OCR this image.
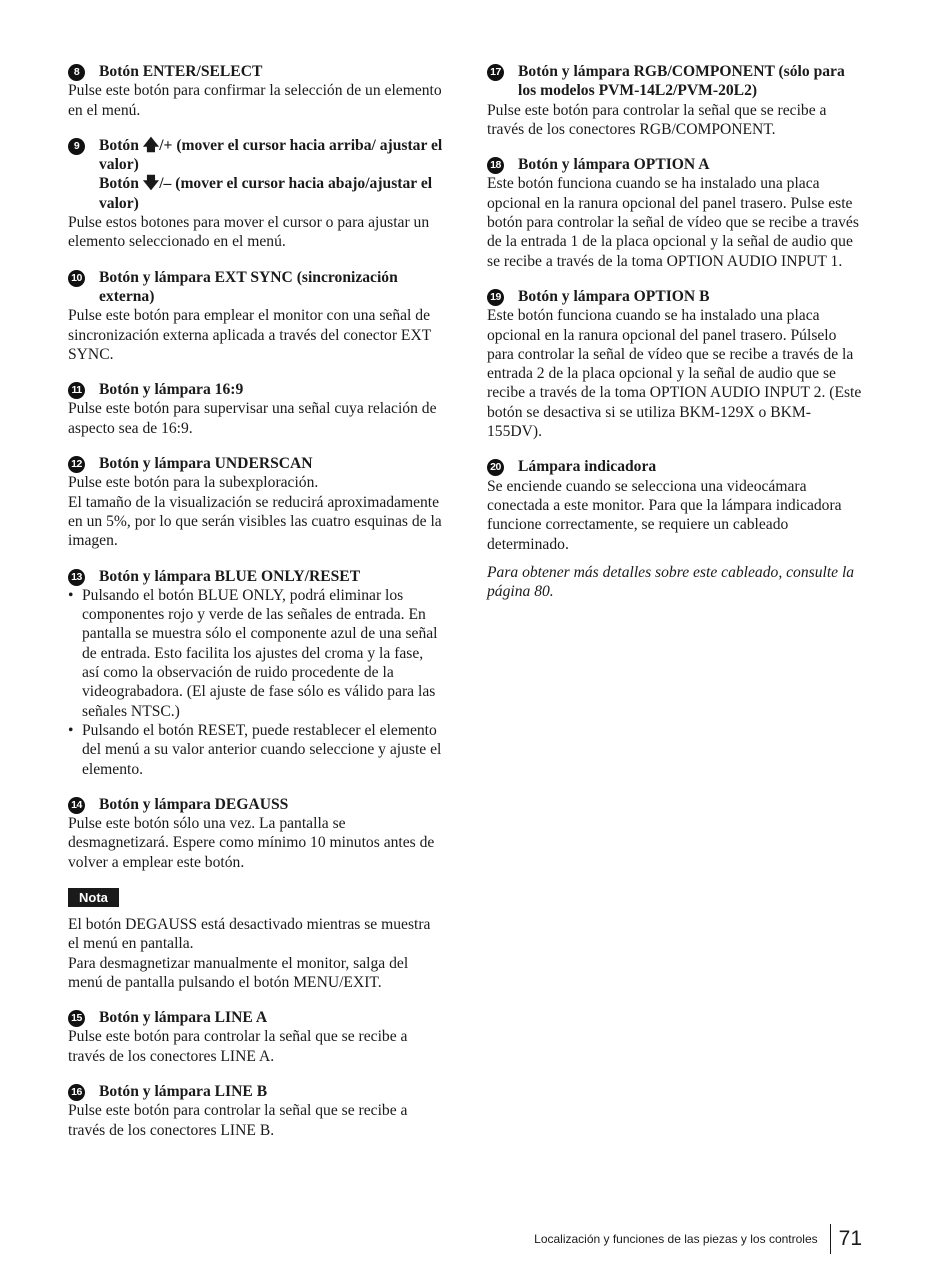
8	Botón ENTER/SELECT

Pulse este botón para confirmar la selección de un elemento en el menú.

9	Botón 🡅/+ (mover el cursor hacia arriba/ ajustar el valor)
Botón 🡇/– (mover el cursor hacia abajo/ajustar el valor)

Pulse estos botones para mover el cursor o para ajustar un elemento seleccionado en el menú.

10 Botón y lámpara EXT SYNC (sincronización externa)

Pulse este botón para emplear el monitor con una señal de sincronización externa aplicada a través del conector EXT SYNC.

11 Botón y lámpara 16:9

Pulse este botón para supervisar una señal cuya relación de aspecto sea de 16:9.

12 Botón y lámpara UNDERSCAN

Pulse este botón para la subexploración.

El tamaño de la visualización se reducirá aproximadamente en un 5%, por lo que serán visibles las cuatro esquinas de la imagen.

13 Botón y lámpara BLUE ONLY/RESET
• Pulsando el botón BLUE ONLY, podrá eliminar los componentes rojo y verde de las señales de entrada. En pantalla se muestra sólo el componente azul de una señal de entrada. Esto facilita los ajustes del croma y la fase, así como la observación de ruido procedente de la videograbadora. (El ajuste de fase sólo es válido para las señales NTSC.)
• Pulsando el botón RESET, puede restablecer el elemento del menú a su valor anterior cuando seleccione y ajuste el elemento.
14 Botón y lámpara DEGAUSS

Pulse este botón sólo una vez. La pantalla se desmagnetizará. Espere como mínimo 10 minutos antes de volver a emplear este botón.

Nota

El botón DEGAUSS está desactivado mientras se muestra el menú en pantalla.

Para desmagnetizar manualmente el monitor, salga del menú de pantalla pulsando el botón MENU/EXIT.

15 Botón y lámpara LINE A

Pulse este botón para controlar la señal que se recibe a través de los conectores LINE A.

16 Botón y lámpara LINE B

Pulse este botón para controlar la señal que se recibe a través de los conectores LINE B.

17 Botón y lámpara RGB/COMPONENT (sólo para los modelos PVM-14L2/PVM-20L2)

Pulse este botón para controlar la señal que se recibe a través de los conectores RGB/COMPONENT.

18 Botón y lámpara OPTION A

Este botón funciona cuando se ha instalado una placa opcional en la ranura opcional del panel trasero. Pulse este botón para controlar la señal de vídeo que se recibe a través de la entrada 1 de la placa opcional y la señal de audio que se recibe a través de la toma OPTION AUDIO INPUT 1.

19 Botón y lámpara OPTION B

Este botón funciona cuando se ha instalado una placa opcional en la ranura opcional del panel trasero. Púlselo para controlar la señal de vídeo que se recibe a través de la entrada 2 de la placa opcional y la señal de audio que se recibe a través de la toma OPTION AUDIO INPUT 2. (Este botón se desactiva si se utiliza BKM-129X o BKM-155DV).

20 Lámpara indicadora

Se enciende cuando se selecciona una videocámara conectada a este monitor. Para que la lámpara indicadora funcione correctamente, se requiere un cableado determinado.

Para obtener más detalles sobre este cableado, consulte la página 80.

Localización y funciones de las piezas y los controles 71
